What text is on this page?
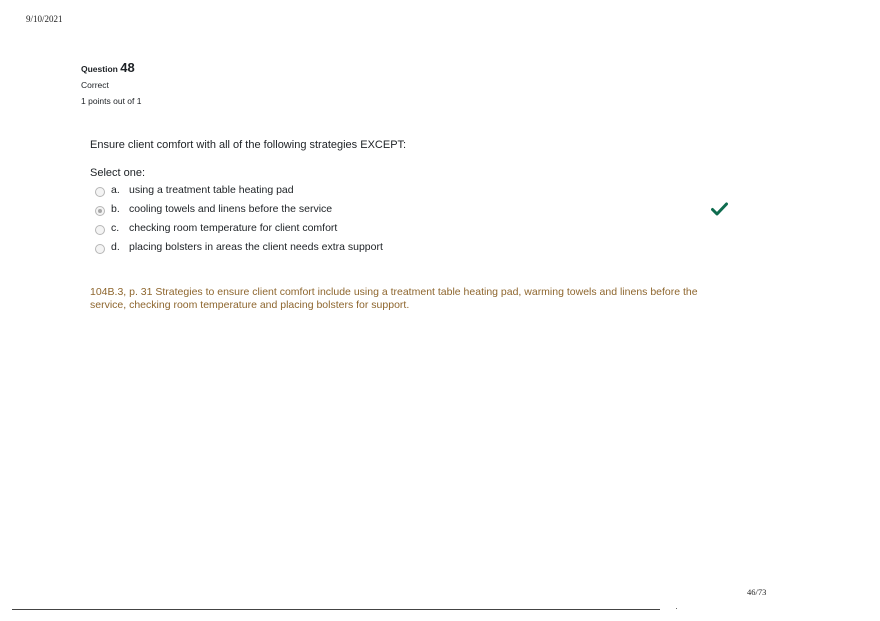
9/10/2021
Question 48
Correct
1 points out of 1
Ensure client comfort with all of the following strategies EXCEPT:
Select one:
a. using a treatment table heating pad
b. cooling towels and linens before the service
c. checking room temperature for client comfort
d. placing bolsters in areas the client needs extra support
104B.3, p. 31 Strategies to ensure client comfort include using a treatment table heating pad, warming towels and linens before the service, checking room temperature and placing bolsters for support.
46/73
